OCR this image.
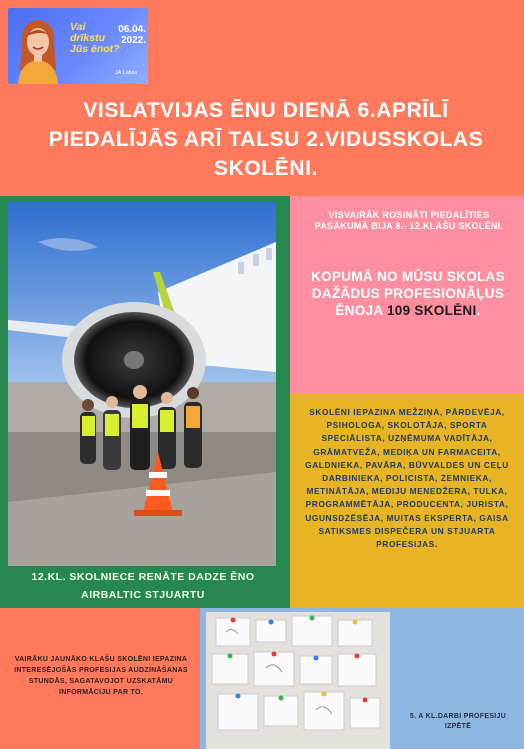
Vai drīkstu Jūs ēnot?
06.04. 2022.
JA Latvia
VISLATVIJAS ĒNU DIENĀ 6.APRĪLĪ PIEDALĪJĀS ARĪ TALSU 2.VIDUSSKOLAS SKOLĒNI.
12.KL. SKOLNIECE RENĀTE DADZE ĒNO AIRBALTIC STJUARTU
VISVAIRĀK ROSINĀTI PIEDALĪTIES PASĀKUMĀ BIJA 8.- 12.KLAŠU SKOLĒNI.
KOPUMĀ NO MŪSU SKOLAS DAŽĀDUS PROFESIONĀĻUS ĒNOJA 109 SKOLĒNI.
SKOLĒNI IEPAZINA MEŽZIŅA, PĀRDEVĒJA, PSIHOLOGA, SKOLOTĀJA, SPORTA SPECIĀLISTA, UZŅĒMUMA VADĪTĀJA, GRĀMATVEŽA, MEDIĶA UN FARMACEITA, GALDNIEKA, PAVĀRA, BŪVVALDES UN CEĻU DARBINIEKA, POLICISTA, ZEMNIEKA, METINĀTĀJA, MEDIJU MENEDŽERA, TULKA, PROGRAMMĒTĀJA, PRODUCENTA, JURISTA, UGUNSDZĒSĒJA, MUITAS EKSPERTA, GAISA SATIKSMES DISPEČERA UN STJUARTA PROFESIJAS.
VAIRĀKU JAUNĀKO KLAŠU SKOLĒNI IEPAZINA INTERESĒJOŠĀS PROFESIJAS AUDZINĀŠANAS STUNDĀS, SAGATAVOJOT UZSKATĀMU INFORMĀCIJU PAR TO.
5. A KL.DARBI PROFESIJU IZPĒTĒ
